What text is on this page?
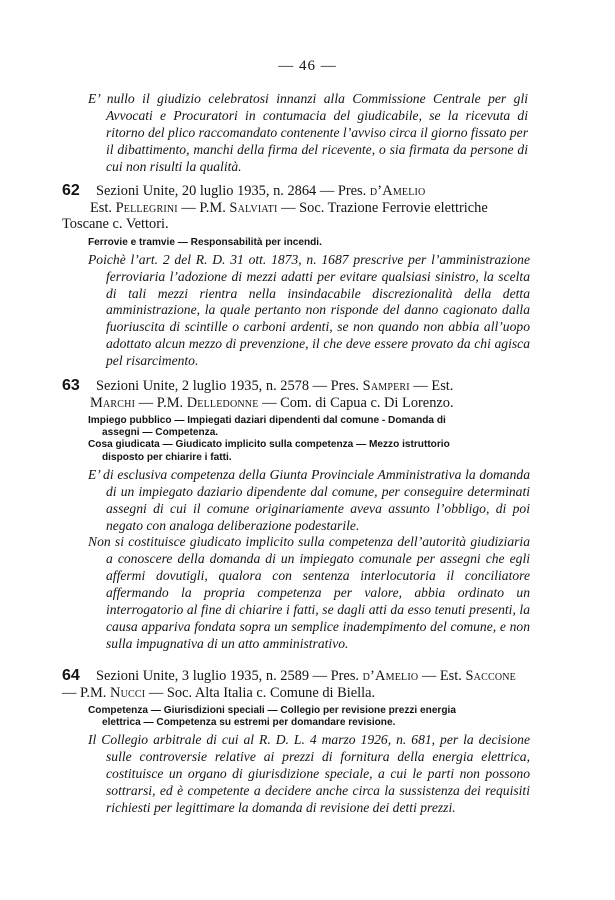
— 46 —

E’ nullo il giudizio celebratosi innanzi alla Commissione Centrale per gli Avvocati e Procuratori in contumacia del giudicabile, se la ricevuta di ritorno del plico raccomandato contenente l’avviso circa il giorno fissato per il dibattimento, manchi della firma del ricevente, o sia firmata da persone di cui non risulti la qualità.

62 Sezioni Unite, 20 luglio 1935, n. 2864 — Pres. d’Amelio
Est. Pellegrini — P.M. Salviati — Soc. Trazione Ferrovie elettriche Toscane c. Vettori.

Ferrovie e tramvie — Responsabilità per incendi.

Poichè l’art. 2 del R. D. 31 ott. 1873, n. 1687 prescrive per l’amministrazione ferroviaria l’adozione di mezzi adatti per evitare qualsiasi sinistro, la scelta di tali mezzi rientra nella insindacabile discrezionalità della detta amministrazione, la quale pertanto non risponde del danno cagionato dalla fuoriuscita di scintille o carboni ardenti, se non quando non abbia all’uopo adottato alcun mezzo di prevenzione, il che deve essere provato da chi agisca pel risarcimento.

63 Sezioni Unite, 2 luglio 1935, n. 2578 — Pres. Samperi — Est.
Marchi — P.M. Delledonne — Com. di Capua c. Di Lorenzo.

Impiego pubblico — Impiegati daziari dipendenti dal comune - Domanda di
assegni — Competenza.

Cosa giudicata — Giudicato implicito sulla competenza — Mezzo istruttorio
disposto per chiarire i fatti.

E’ di esclusiva competenza della Giunta Provinciale Amministrativa la domanda di un impiegato daziario dipendente dal comune, per conseguire determinati assegni di cui il comune originariamente aveva assunto l’obbligo, di poi negato con analoga deliberazione podestarile.

Non si costituisce giudicato implicito sulla competenza dell’autorità giudiziaria a conoscere della domanda di un impiegato comunale per assegni che egli affermi dovutigli, qualora con sentenza interlocutoria il conciliatore affermando la propria competenza per valore, abbia ordinato un interrogatorio al fine di chiarire i fatti, se dagli atti da esso tenuti presenti, la causa appariva fondata sopra un semplice inadempimento del comune, e non sulla impugnativa di un atto amministrativo.

64 Sezioni Unite, 3 luglio 1935, n. 2589 — Pres. d’Amelio — Est. Saccone — P.M. Nucci — Soc. Alta Italia c. Comune di Biella.

Competenza — Giurisdizioni speciali — Collegio per revisione prezzi energia
elettrica — Competenza su estremi per domandare revisione.

Il Collegio arbitrale di cui al R. D. L. 4 marzo 1926, n. 681, per la decisione sulle controversie relative ai prezzi di fornitura della energia elettrica, costituisce un organo di giurisdizione speciale, a cui le parti non possono sottrarsi, ed è competente a decidere anche circa la sussistenza dei requisiti richiesti per legittimare la domanda di revisione dei detti prezzi.
